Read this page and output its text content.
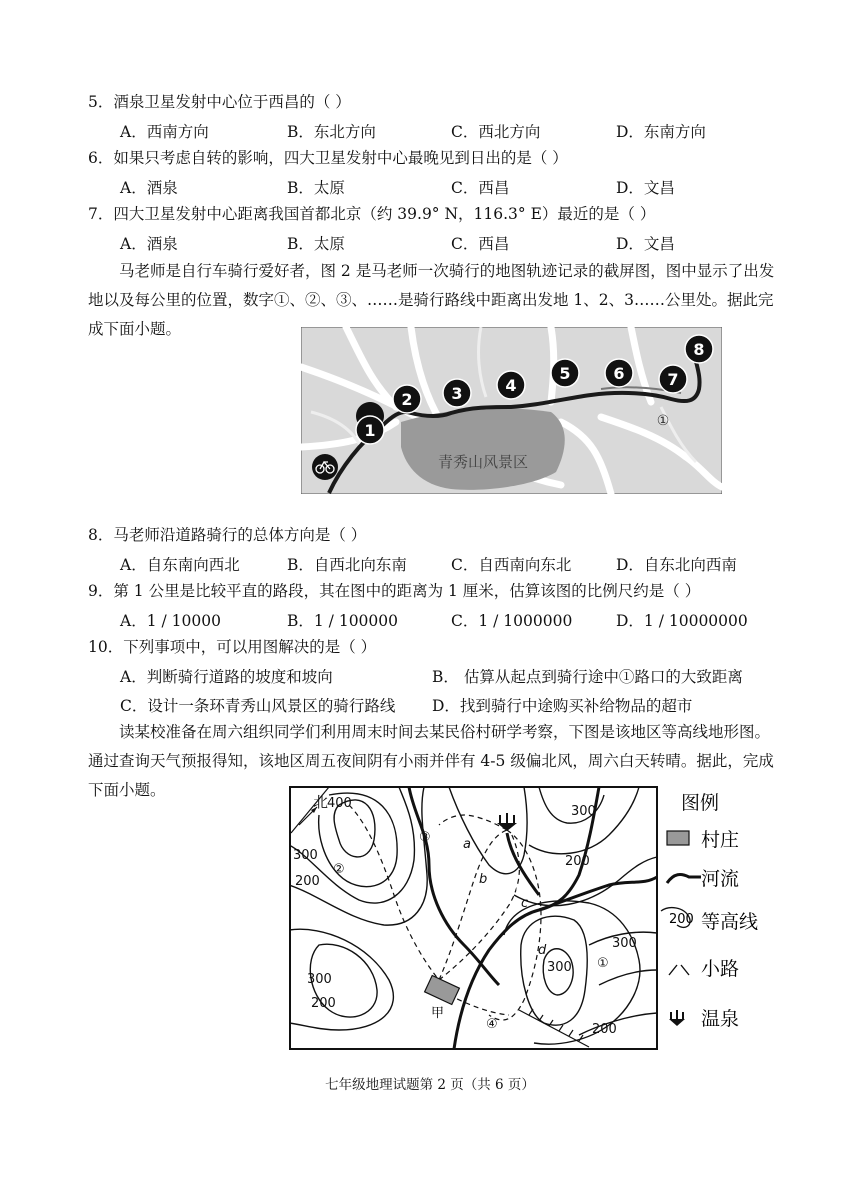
5．酒泉卫星发射中心位于西昌的（ ）
A．西南方向	B．东北方向	C．西北方向	D．东南方向
6．如果只考虑自转的影响，四大卫星发射中心最晚见到日出的是（ ）
A．酒泉	B．太原	C．西昌	D．文昌
7．四大卫星发射中心距离我国首都北京（约 39.9° N，116.3° E）最近的是（ ）
A．酒泉	B．太原	C．西昌	D．文昌
马老师是自行车骑行爱好者，图 2 是马老师一次骑行的地图轨迹记录的截屏图，图中显示了出发地以及每公里的位置，数字①、②、③、……是骑行路线中距离出发地 1、2、3……公里处。据此完成下面小题。
青秀山风景区
1
2 3	4
5	6	7
8
①
8．马老师沿道路骑行的总体方向是（ ）
A．自东南向西北	B．自西北向东南	C．自西南向东北	D．自东北向西南
9．第 1 公里是比较平直的路段，其在图中的距离为 1 厘米，估算该图的比例尺约是（ ）
A．1 / 10000	B．1 / 100000	C．1 / 1000000	D．1 / 10000000
10．下列事项中，可以用图解决的是（ ）
A．判断骑行道路的坡度和坡向	B． 估算从起点到骑行途中①路口的大致距离
C．设计一条环青秀山风景区的骑行路线 D．找到骑行中途购买补给物品的超市
读某校准备在周六组织同学们利用周末时间去某民俗村研学考察，下图是该地区等高线地形图。通过查询天气预报得知，该地区周五夜间阴有小雨并伴有 4-5 级偏北风，周六白天转晴。据此，完成下面小题。
北
甲
400
300
300
200
300
200
300
200
300
200
200
①
②
③
④
a
b
c
d
图例
村庄
河流
200 等高线
小路
温泉
七年级地理试题第 2 页（共 6 页）
